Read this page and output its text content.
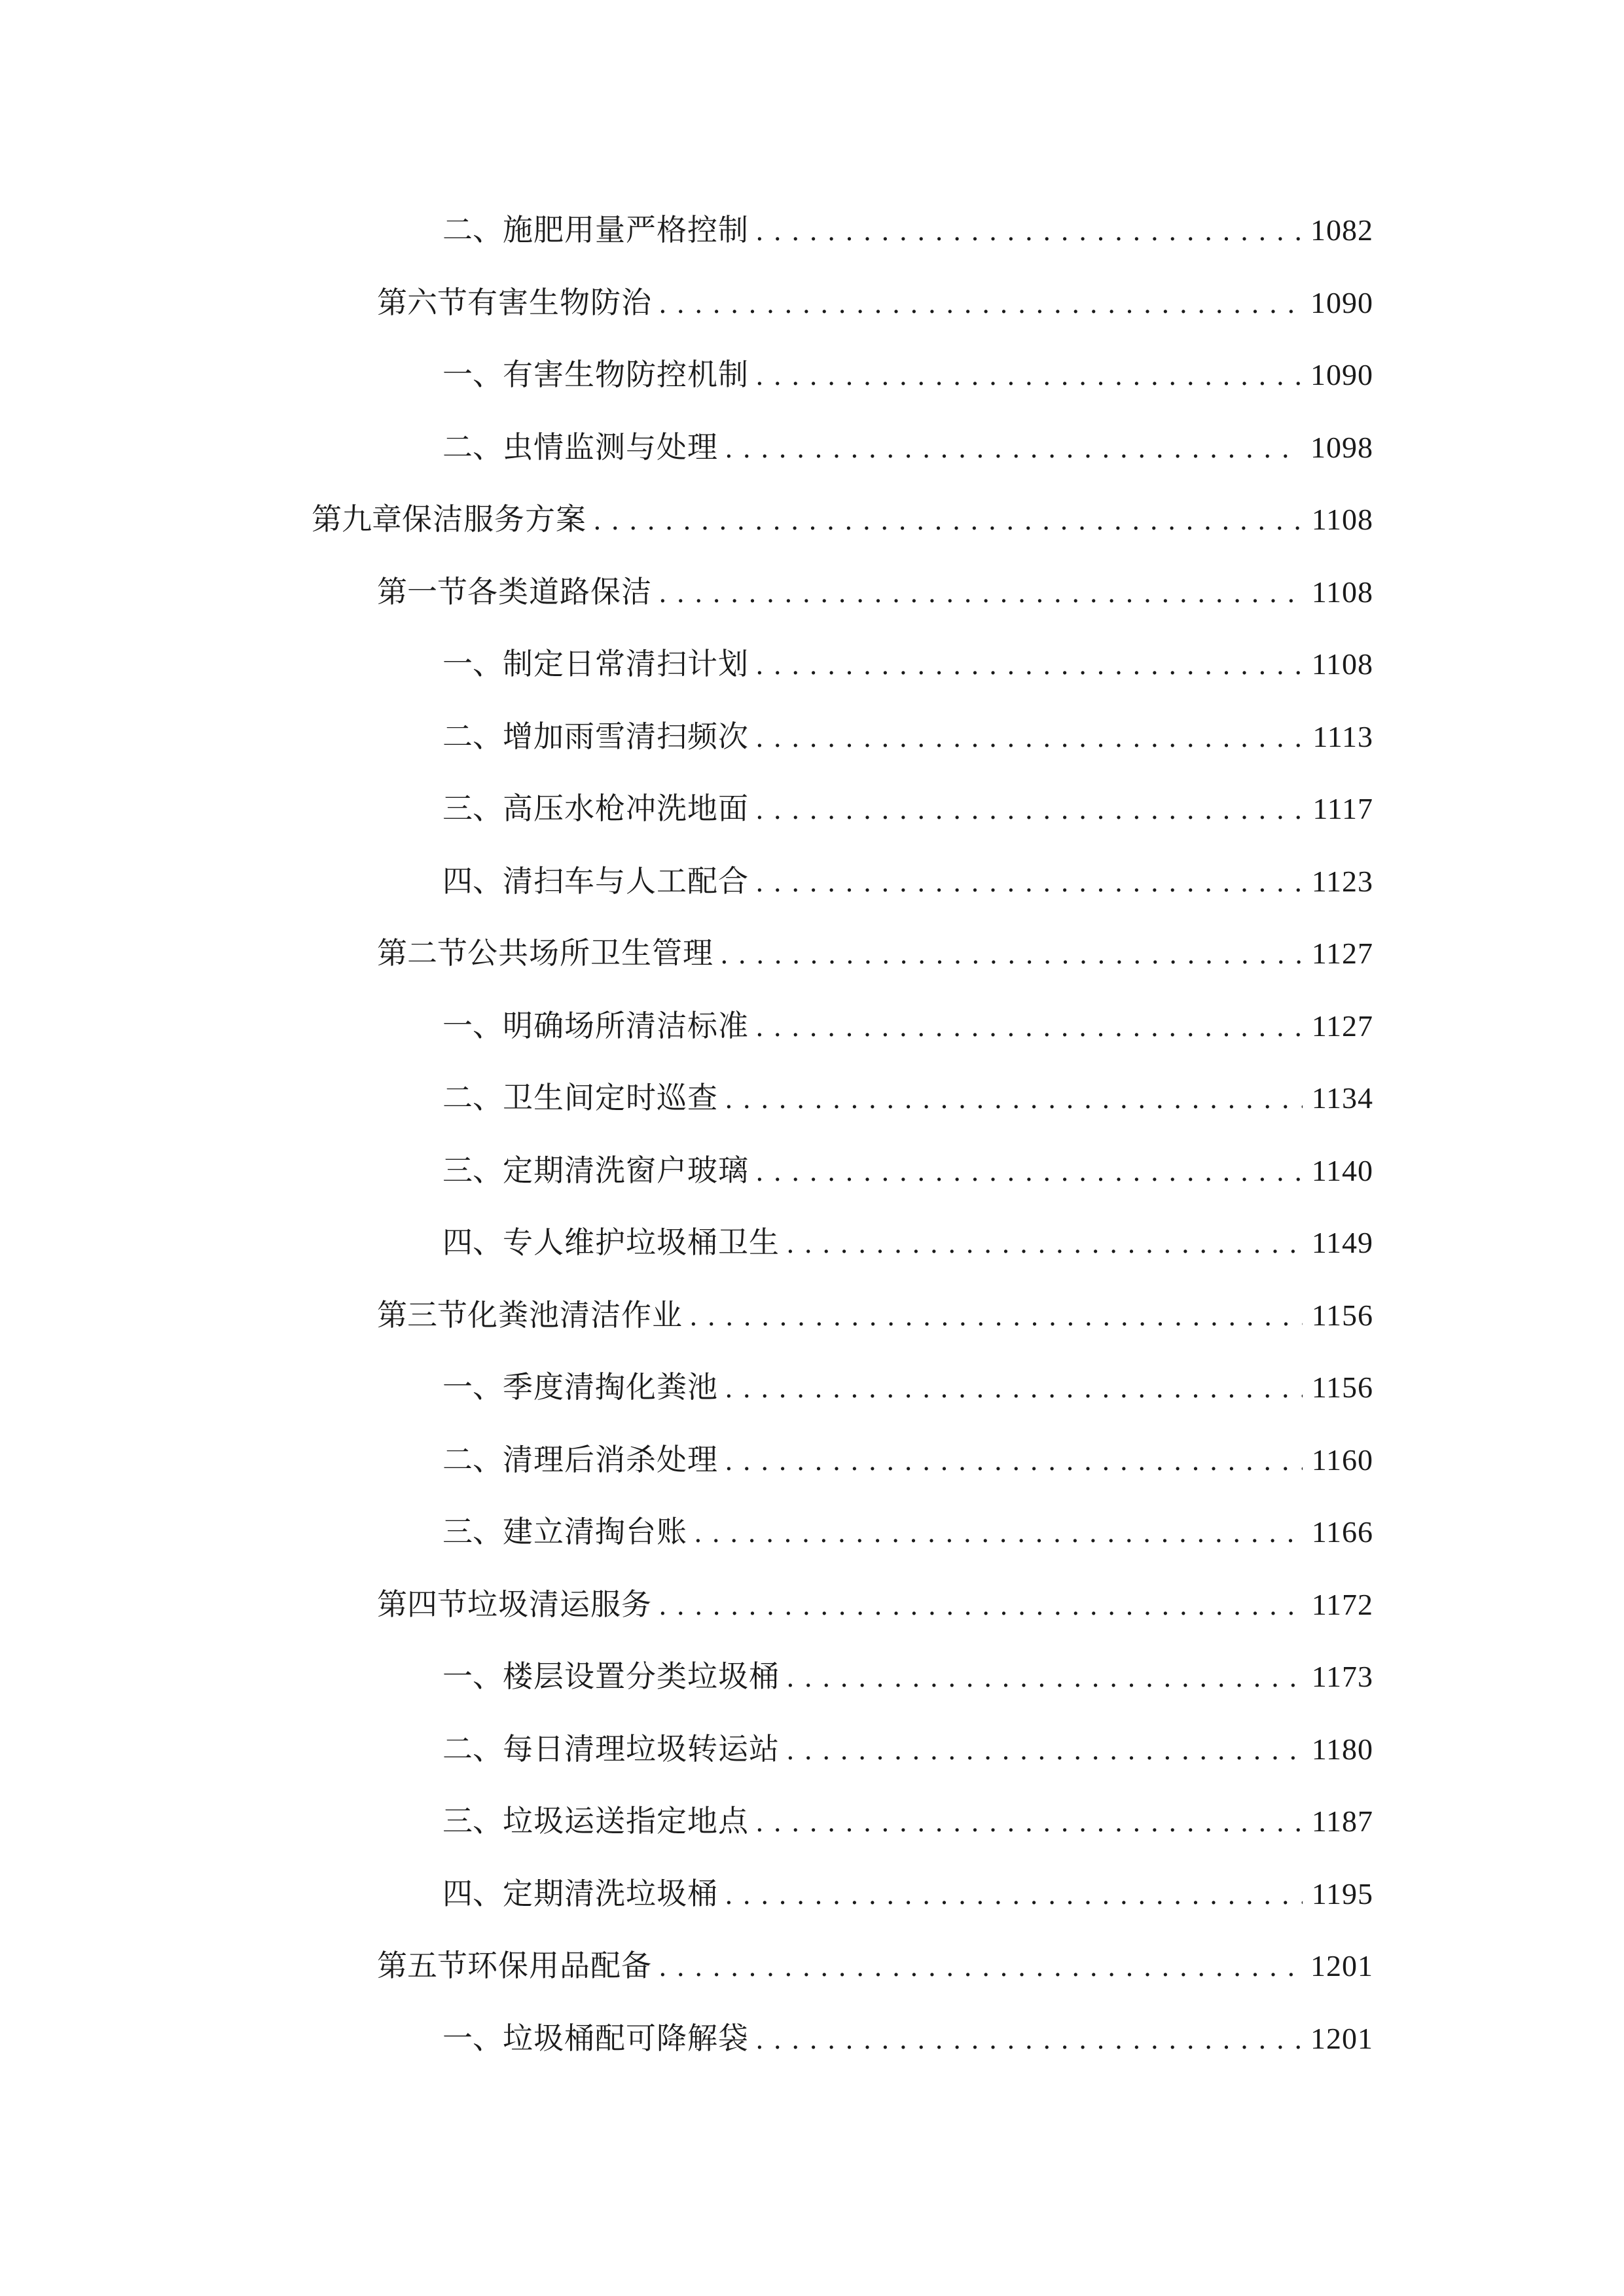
二、 施肥用量严格控制 . . .	1082
第六节 有害生物防治 . . .	1090
一、 有害生物防控机制 . . .	1090
二、 虫情监测与处理 . . .	1098
第九章 保洁服务方案 . . .	1108
第一节 各类道路保洁 . . .	1108
一、 制定日常清扫计划 . . .	1108
二、 增加雨雪清扫频次 . . .	1113
三、 高压水枪冲洗地面 . . .	1117
四、 清扫车与人工配合 . . .	1123
第二节 公共场所卫生管理 . . .	1127
一、 明确场所清洁标准 . . .	1127
二、 卫生间定时巡查 . . .	1134
三、 定期清洗窗户玻璃 . . .	1140
四、 专人维护垃圾桶卫生 . . .	1149
第三节 化粪池清洁作业 . . .	1156
一、 季度清掏化粪池 . . .	1156
二、 清理后消杀处理 . . .	1160
三、 建立清掏台账 . . .	1166
第四节 垃圾清运服务 . . .	1172
一、 楼层设置分类垃圾桶 . . .	1173
二、 每日清理垃圾转运站 . . .	1180
三、 垃圾运送指定地点 . . .	1187
四、 定期清洗垃圾桶 . . .	1195
第五节 环保用品配备 . . .	1201
一、 垃圾桶配可降解袋 . . .	1201
